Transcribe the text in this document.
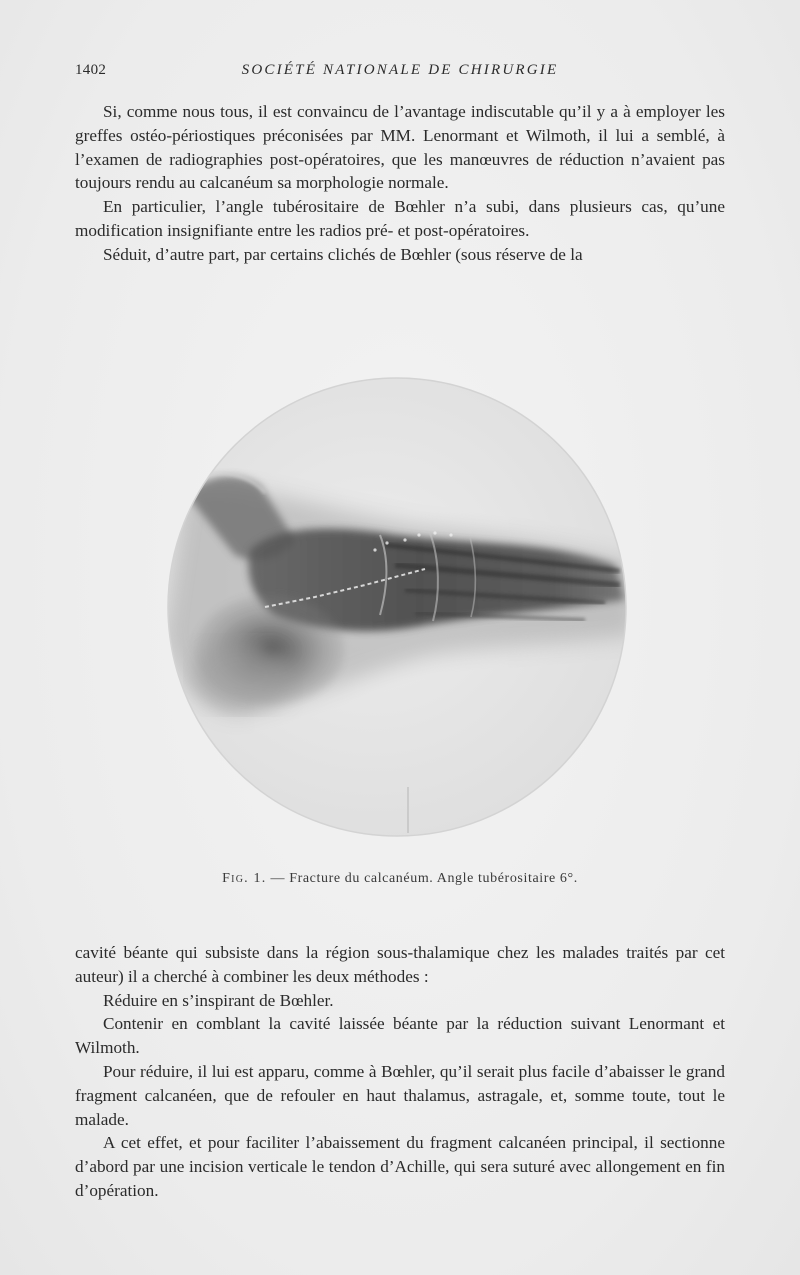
1402	SOCIÉTÉ NATIONALE DE CHIRURGIE

Si, comme nous tous, il est convaincu de l’avantage indiscutable qu’il y a à employer les greffes ostéo-périostiques préconisées par MM. Lenormant et Wilmoth, il lui a semblé, à l’examen de radiographies post-opératoires, que les manœuvres de réduction n’avaient pas toujours rendu au calcanéum sa morphologie normale.

En particulier, l’angle tubérositaire de Bœhler n’a subi, dans plusieurs cas, qu’une modification insignifiante entre les radios pré- et post-opératoires.

Séduit, d’autre part, par certains clichés de Bœhler (sous réserve de la

Fig. 1. — Fracture du calcanéum. Angle tubérositaire 6°.

cavité béante qui subsiste dans la région sous-thalamique chez les malades traités par cet auteur) il a cherché à combiner les deux méthodes :

Réduire en s’inspirant de Bœhler.

Contenir en comblant la cavité laissée béante par la réduction suivant Lenormant et Wilmoth.

Pour réduire, il lui est apparu, comme à Bœhler, qu’il serait plus facile d’abaisser le grand fragment calcanéen, que de refouler en haut thalamus, astragale, et, somme toute, tout le malade.

A cet effet, et pour faciliter l’abaissement du fragment calcanéen principal, il sectionne d’abord par une incision verticale le tendon d’Achille, qui sera suturé avec allongement en fin d’opération.
